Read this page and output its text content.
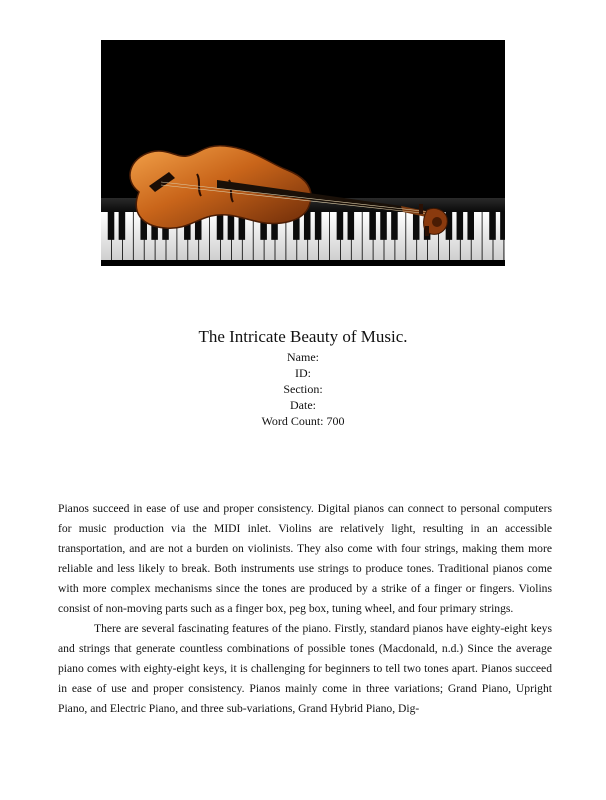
The Intricate Beauty of Music.
Name:
ID:
Section:
Date:
Word Count: 700

Pianos succeed in ease of use and proper consistency. Digital pianos can connect to personal computers for music production via the MIDI inlet. Violins are relatively light, resulting in an accessible transportation, and are not a burden on violinists. They also come with four strings, making them more reliable and less likely to break. Both instruments use strings to produce tones. Traditional pianos come with more complex mechanisms since the tones are produced by a strike of a finger or fingers. Violins consist of non-moving parts such as a finger box, peg box, tuning wheel, and four primary strings.

There are several fascinating features of the piano. Firstly, standard pianos have eighty-eight keys and strings that generate countless combinations of possible tones (Macdonald, n.d.) Since the average piano comes with eighty-eight keys, it is challenging for beginners to tell two tones apart. Pianos succeed in ease of use and proper consistency. Pianos mainly come in three variations; Grand Piano, Upright Piano, and Electric Piano, and three sub-variations, Grand Hybrid Piano, Dig-
